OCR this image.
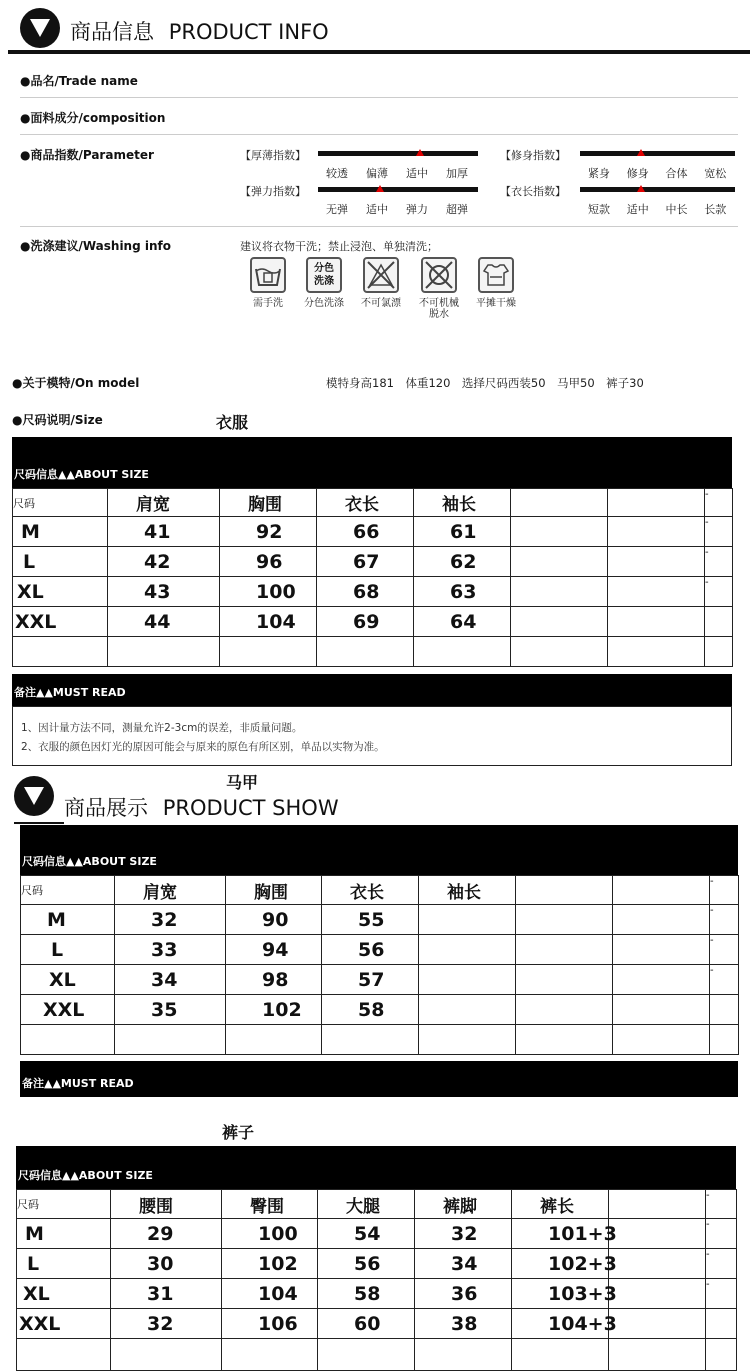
商品信息 PRODUCT INFO
●品名/Trade name
●面料成分/composition
●商品指数/Parameter	【厚薄指数】
较透 偏薄 适中 加厚
【修身指数】
紧身 修身 合体 宽松
【弹力指数】
无弹 适中 弹力 超弹
【衣长指数】
短款 适中 中长 长款
●洗涤建议/Washing info	建议将衣物干洗；禁止浸泡、单独清洗；
需手洗
分色
洗涤
分色洗涤	不可氯漂	不可机械
脱水
平摊干燥
●关于模特/On model	模特身高181　体重120　选择尺码西装50　马甲50　裤子30
●尺码说明/Size	衣服
尺码信息▲▲ABOUT SIZE
尺码	肩宽	胸围	衣长	袖长			-
M	41	92	66	61			-
L	42	96	67	62			-
XL	43	100	68	63			-
XXL	44	104	69	64			

备注▲▲MUST READ
1、因计量方法不同，测量允许2-3cm的误差，非质量问题。
2、衣服的颜色因灯光的原因可能会与原来的原色有所区别，单品以实物为准。
马甲
商品展示 PRODUCT SHOW
尺码信息▲▲ABOUT SIZE
尺码	肩宽	胸围	衣长	袖长			-
M	32	90	55				-
L	33	94	56				-
XL	34	98	57				-
XXL	35	102	58				

备注▲▲MUST READ
裤子
尺码信息▲▲ABOUT SIZE
尺码	腰围	臀围	大腿	裤脚	裤长		-
M	29	100	54	32	101+3		-
L	30	102	56	34	102+3		-
XL	31	104	58	36	103+3		-
XXL	32	106	60	38	104+3		
